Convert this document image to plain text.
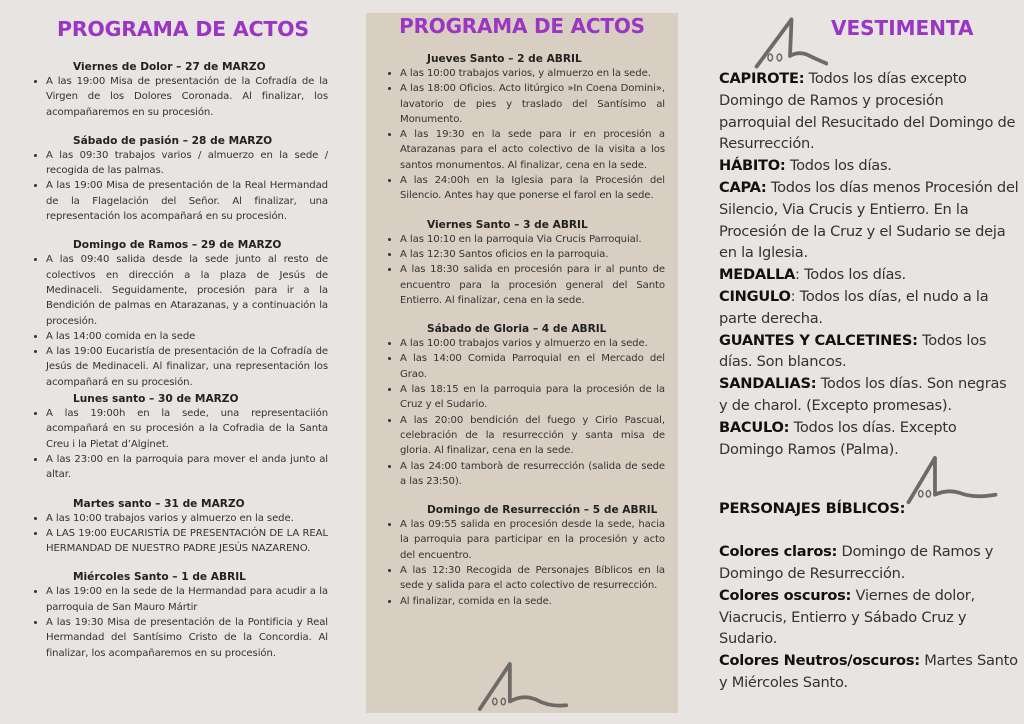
PROGRAMA DE ACTOS

Viernes de Dolor – 27 de MARZO

• A las 19:00 Misa de presentación de la Cofradía de la Virgen de los Dolores Coronada. Al finalizar, los acompañaremos en su procesión.

Sábado de pasión – 28 de MARZO

• A las 09:30 trabajos varios / almuerzo en la sede / recogida de las palmas.
• A las 19:00 Misa de presentación de la Real Hermandad de la Flagelación del Señor. Al finalizar, una representación los acompañará en su procesión.

Domingo de Ramos – 29 de MARZO

• A las 09:40 salida desde la sede junto al resto de colectivos en dirección a la plaza de Jesús de Medinaceli. Seguidamente, procesión para ir a la Bendición de palmas en Atarazanas, y a continuación la procesión.
• A las 14:00 comida en la sede
• A las 19:00 Eucaristía de presentación de la Cofradía de Jesús de Medinaceli. Al finalizar, una representación los acompañará en su procesión.

Lunes santo – 30 de MARZO

• A las 19:00h en la sede, una representaciión acompañará en su procesión a la Cofradia de la Santa Creu i la Pietat d’Alginet.
• A las 23:00 en la parroquia para mover el anda junto al altar.

Martes santo – 31 de MARZO

• A las 10:00 trabajos varios y almuerzo en la sede.
• A LAS 19:00 EUCARISTÍA DE PRESENTACIÓN DE LA REAL HERMANDAD DE NUESTRO PADRE JESÚS NAZARENO.

Miércoles Santo – 1 de ABRIL

• A las 19:00 en la sede de la Hermandad para acudir a la parroquia de San Mauro Mártir
• A las 19:30 Misa de presentación de la Pontificia y Real Hermandad del Santísimo Cristo de la Concordia. Al finalizar, los acompañaremos en su procesión.
PROGRAMA DE ACTOS

Jueves Santo – 2 de ABRIL

• A las 10:00 trabajos varios, y almuerzo en la sede.
• A las 18:00 Oficios. Acto litúrgico »In Coena Domini», lavatorio de pies y traslado del Santísimo al Monumento.
• A las 19:30 en la sede para ir en procesión a Atarazanas para el acto colectivo de la visita a los santos monumentos. Al finalizar, cena en la sede.
• A las 24:00h en la Iglesia para la Procesión del Silencio. Antes hay que ponerse el farol en la sede.

Viernes Santo – 3 de ABRIL

• A las 10:10 en la parroquia Via Crucis Parroquial.
• A las 12:30 Santos oficios en la parroquia.
• A las 18:30 salida en procesión para ir al punto de encuentro para la procesión general del Santo Entierro. Al finalizar, cena en la sede.

Sábado de Gloria – 4 de ABRIL

• A las 10:00 trabajos varios y almuerzo en la sede.
• A las 14:00 Comida Parroquial en el Mercado del Grao.
• A las 18:15 en la parroquia para la procesión de la Cruz y el Sudario.
• A las 20:00 bendición del fuego y Cirio Pascual, celebración de la resurrección y santa misa de gloria. Al finalizar, cena en la sede.
• A las 24:00 tamborà de resurrección (salida de sede a las 23:50).

Domingo de Resurrección – 5 de ABRIL

• A las 09:55 salida en procesión desde la sede, hacia la parroquia para participar en la procesión y acto del encuentro.
• A las 12:30 Recogida de Personajes Bíblicos en la sede y salida para el acto colectivo de resurrección.
• Al finalizar, comida en la sede.
VESTIMENTA

CAPIROTE: Todos los días excepto Domingo de Ramos y procesión parroquial del Resucitado del Domingo de Resurrección.

HÁBITO: Todos los días.

CAPA: Todos los días menos Procesión del Silencio, Via Crucis y Entierro. En la Procesión de la Cruz y el Sudario se deja en la Iglesia.

MEDALLA: Todos los días.

CINGULO: Todos los días, el nudo a la parte derecha.

GUANTES Y CALCETINES: Todos los días. Son blancos.

SANDALIAS: Todos los días. Son negras y de charol. (Excepto promesas).

BACULO: Todos los días. Excepto Domingo Ramos (Palma).

PERSONAJES BÍBLICOS:

Colores claros: Domingo de Ramos y Domingo de Resurrección.

Colores oscuros: Viernes de dolor, Viacrucis, Entierro y Sábado Cruz y Sudario.

Colores Neutros/oscuros: Martes Santo y Miércoles Santo.
